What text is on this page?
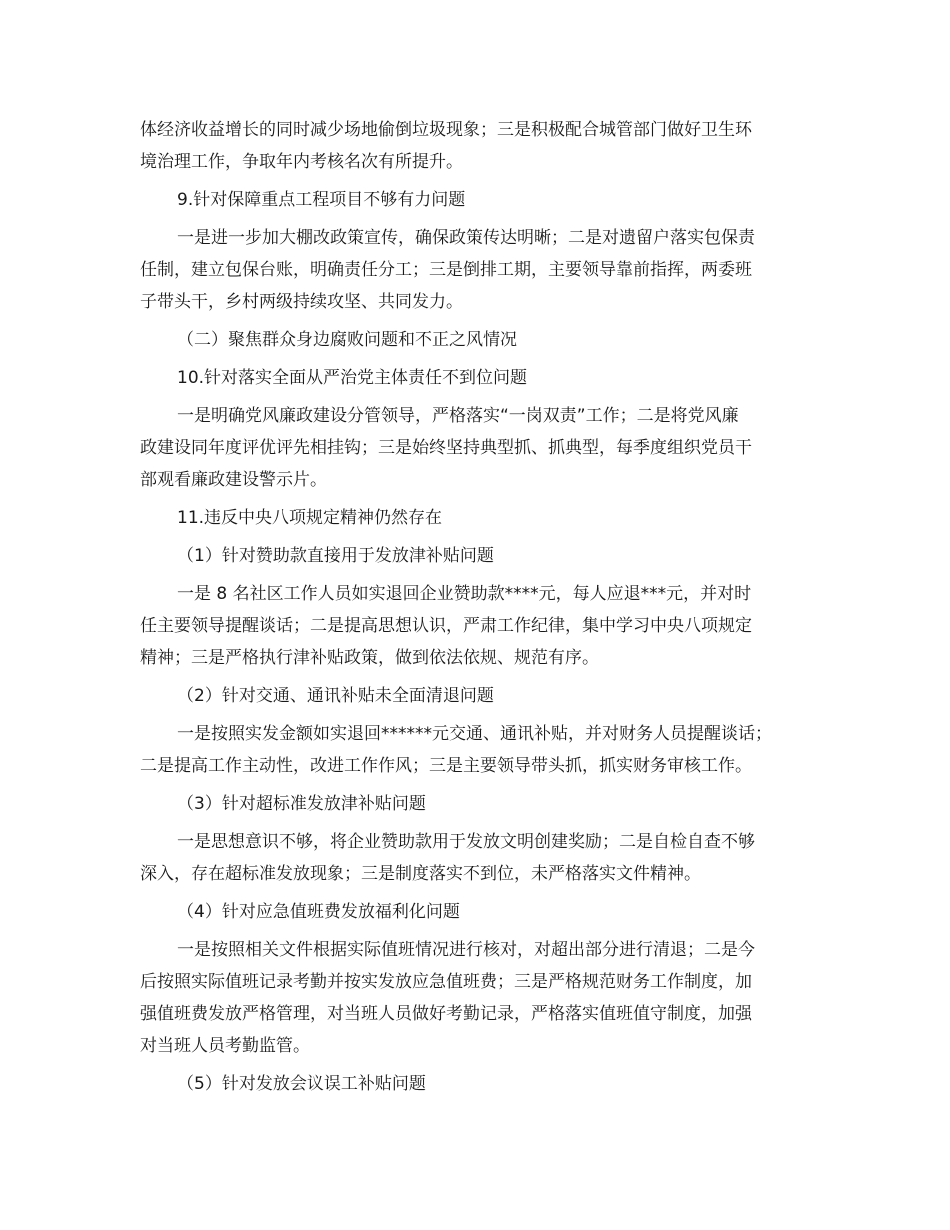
体经济收益增长的同时减少场地偷倒垃圾现象；三是积极配合城管部门做好卫生环
境治理工作，争取年内考核名次有所提升。
9.针对保障重点工程项目不够有力问题
一是进一步加大棚改政策宣传，确保政策传达明晰；二是对遗留户落实包保责
任制，建立包保台账，明确责任分工；三是倒排工期，主要领导靠前指挥，两委班
子带头干，乡村两级持续攻坚、共同发力。
（二）聚焦群众身边腐败问题和不正之风情况
10.针对落实全面从严治党主体责任不到位问题
一是明确党风廉政建设分管领导，严格落实“一岗双责”工作；二是将党风廉
政建设同年度评优评先相挂钩；三是始终坚持典型抓、抓典型，每季度组织党员干
部观看廉政建设警示片。
11.违反中央八项规定精神仍然存在
（1）针对赞助款直接用于发放津补贴问题
一是 8 名社区工作人员如实退回企业赞助款****元，每人应退***元，并对时
任主要领导提醒谈话；二是提高思想认识，严肃工作纪律，集中学习中央八项规定
精神；三是严格执行津补贴政策，做到依法依规、规范有序。
（2）针对交通、通讯补贴未全面清退问题
一是按照实发金额如实退回******元交通、通讯补贴，并对财务人员提醒谈话；
二是提高工作主动性，改进工作作风；三是主要领导带头抓，抓实财务审核工作。
（3）针对超标准发放津补贴问题
一是思想意识不够，将企业赞助款用于发放文明创建奖励；二是自检自查不够
深入，存在超标准发放现象；三是制度落实不到位，未严格落实文件精神。
（4）针对应急值班费发放福利化问题
一是按照相关文件根据实际值班情况进行核对，对超出部分进行清退；二是今
后按照实际值班记录考勤并按实发放应急值班费；三是严格规范财务工作制度，加
强值班费发放严格管理，对当班人员做好考勤记录，严格落实值班值守制度，加强
对当班人员考勤监管。
（5）针对发放会议误工补贴问题
